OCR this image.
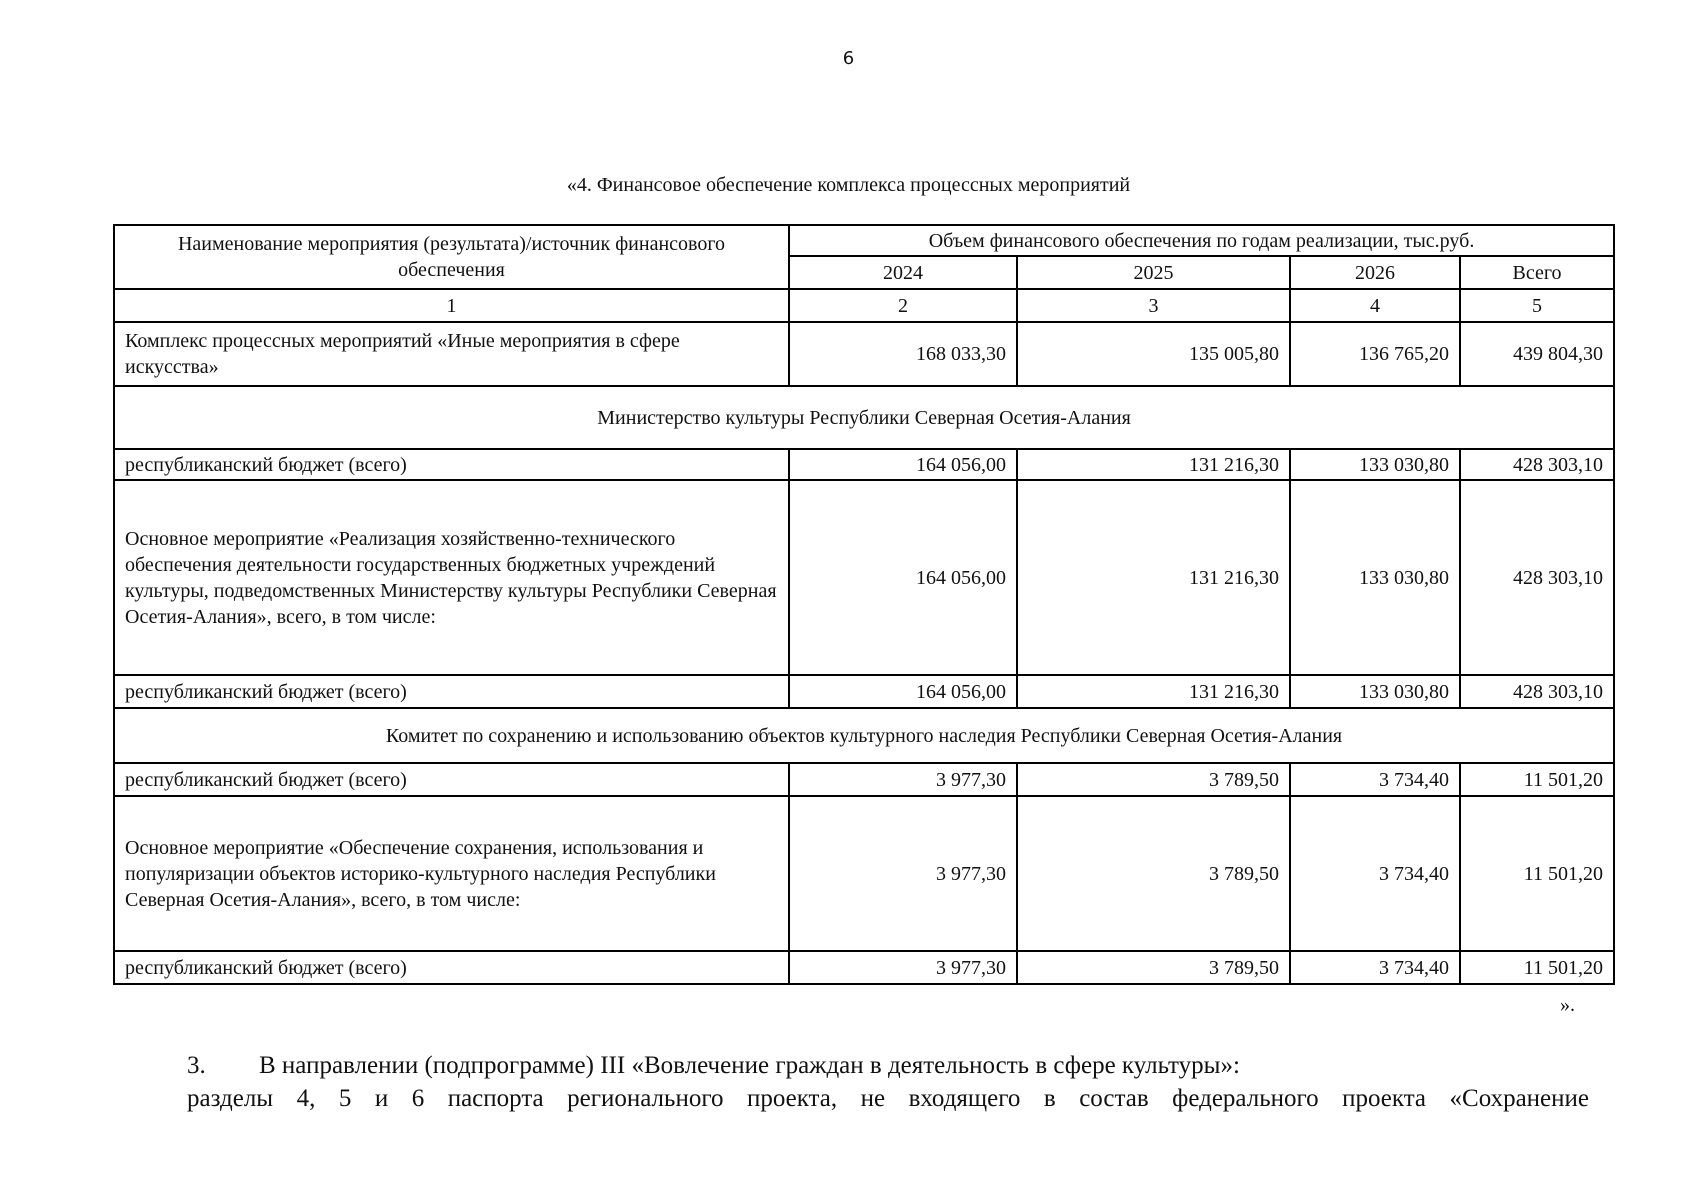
6
«4. Финансовое обеспечение комплекса процессных мероприятий
Наименование мероприятия (результата)/источник финансового обеспечения	Объем финансового обеспечения по годам реализации, тыс.руб.			
	2024	2025	2026	Всего
1	2	3	4	5
Комплекс процессных мероприятий «Иные мероприятия в сфере искусства»	168 033,30	135 005,80	136 765,20	439 804,30
Министерство культуры Республики Северная Осетия-Алания				
республиканский бюджет (всего)	164 056,00	131 216,30	133 030,80	428 303,10
Основное мероприятие «Реализация хозяйственно-технического обеспечения деятельности государственных бюджетных учреждений культуры, подведомственных Министерству культуры Республики Северная Осетия-Алания», всего, в том числе:	164 056,00	131 216,30	133 030,80	428 303,10
республиканский бюджет (всего)	164 056,00	131 216,30	133 030,80	428 303,10
Комитет по сохранению и использованию объектов культурного наследия Республики Северная Осетия-Алания				
республиканский бюджет (всего)	3 977,30	3 789,50	3 734,40	11 501,20
Основное мероприятие «Обеспечение сохранения, использования и популяризации объектов историко-культурного наследия Республики Северная Осетия-Алания», всего, в том числе:	3 977,30	3 789,50	3 734,40	11 501,20
республиканский бюджет (всего)	3 977,30	3 789,50	3 734,40	11 501,20
».
3. В направлении (подпрограмме) III «Вовлечение граждан в деятельность в сфере культуры»:
разделы 4, 5 и 6 паспорта регионального проекта, не входящего в состав федерального проекта «Сохранение
